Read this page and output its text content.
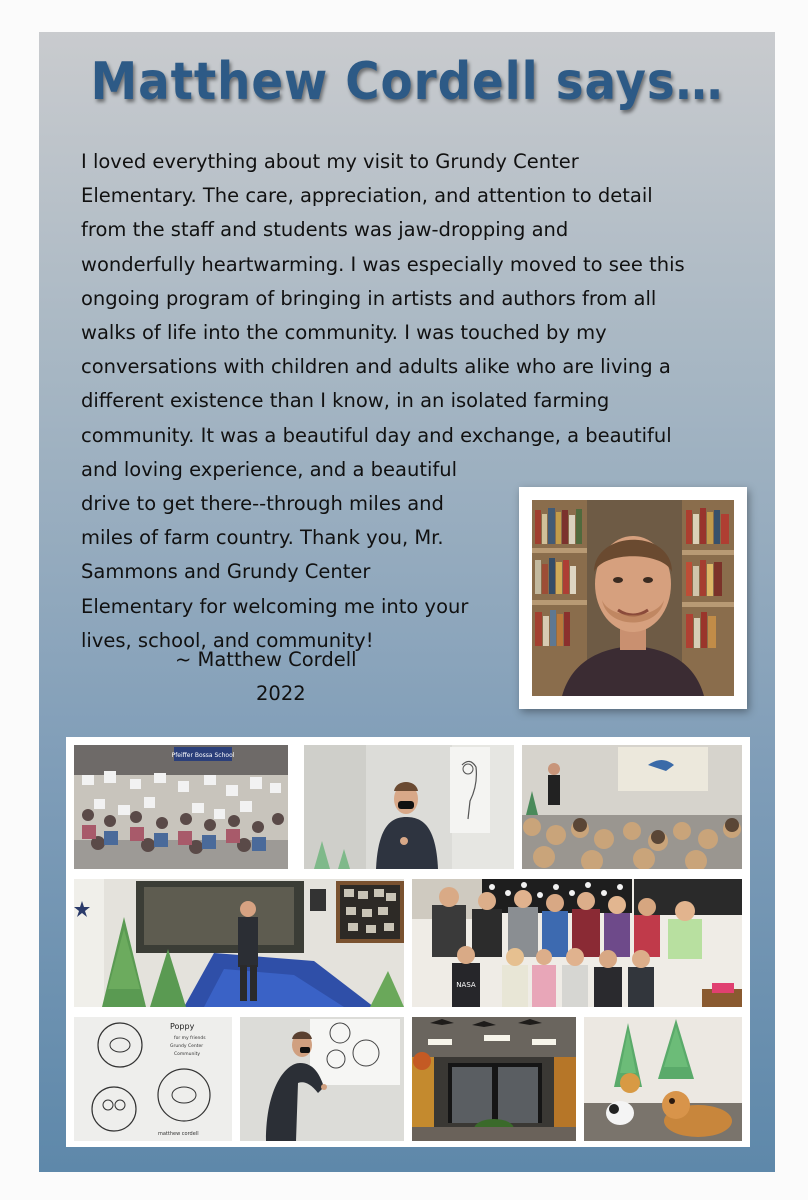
Matthew Cordell says…
I loved everything about my visit to Grundy Center
Elementary. The care, appreciation, and attention to detail
from the staff and students was jaw-dropping and
wonderfully heartwarming. I was especially moved to see this
ongoing program of bringing in artists and authors from all
walks of life into the community. I was touched by my
conversations with children and adults alike who are living a
different existence than I know, in an isolated farming
community. It was a beautiful day and exchange, a beautiful
and loving experience, and a beautiful
drive to get there--through miles and
miles of farm country. Thank you, Mr.
Sammons and Grundy Center
Elementary for welcoming me into your
lives, school, and community!
~ Matthew Cordell
2022
Pfeiffer Bossa School
NASA
Poppy
for my friends
Grundy Center
Community
matthew cordell
